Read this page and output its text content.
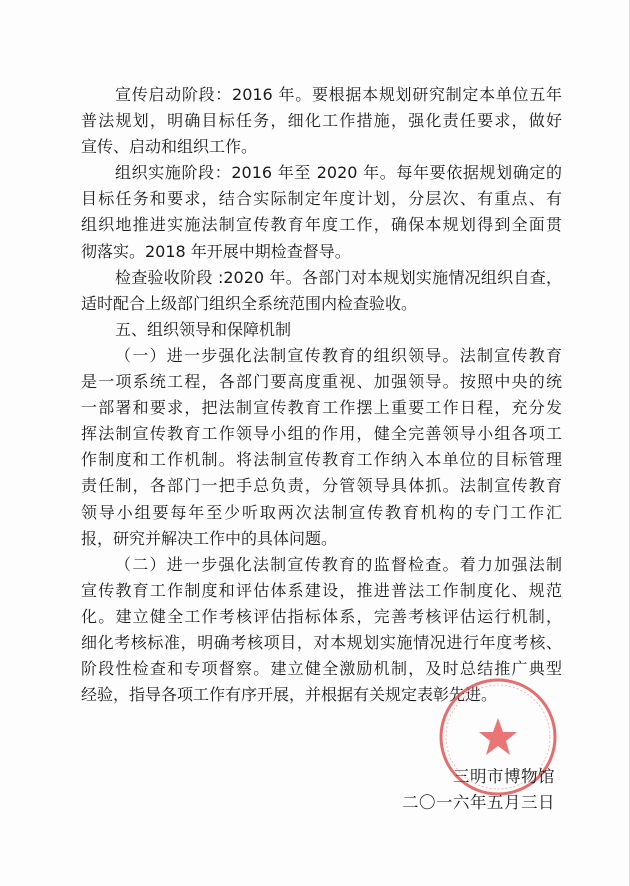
宣传启动阶段：2016 年。要根据本规划研究制定本单位五年
普法规划，明确目标任务，细化工作措施，强化责任要求，做好
宣传、启动和组织工作。
组织实施阶段：2016 年至 2020 年。每年要依据规划确定的
目标任务和要求，结合实际制定年度计划，分层次、有重点、有
组织地推进实施法制宣传教育年度工作，确保本规划得到全面贯
彻落实。2018 年开展中期检查督导。
检查验收阶段 :2020 年。各部门对本规划实施情况组织自查，
适时配合上级部门组织全系统范围内检查验收。
五、组织领导和保障机制
（一）进一步强化法制宣传教育的组织领导。法制宣传教育
是一项系统工程，各部门要高度重视、加强领导。按照中央的统
一部署和要求，把法制宣传教育工作摆上重要工作日程，充分发
挥法制宣传教育工作领导小组的作用，健全完善领导小组各项工
作制度和工作机制。将法制宣传教育工作纳入本单位的目标管理
责任制，各部门一把手总负责，分管领导具体抓。法制宣传教育
领导小组要每年至少听取两次法制宣传教育机构的专门工作汇
报，研究并解决工作中的具体问题。
（二）进一步强化法制宣传教育的监督检查。着力加强法制
宣传教育工作制度和评估体系建设，推进普法工作制度化、规范
化。建立健全工作考核评估指标体系，完善考核评估运行机制，
细化考核标准，明确考核项目，对本规划实施情况进行年度考核、
阶段性检查和专项督察。建立健全激励机制，及时总结推广典型
经验，指导各项工作有序开展，并根据有关规定表彰先进。
三明市博物馆
二〇一六年五月三日
